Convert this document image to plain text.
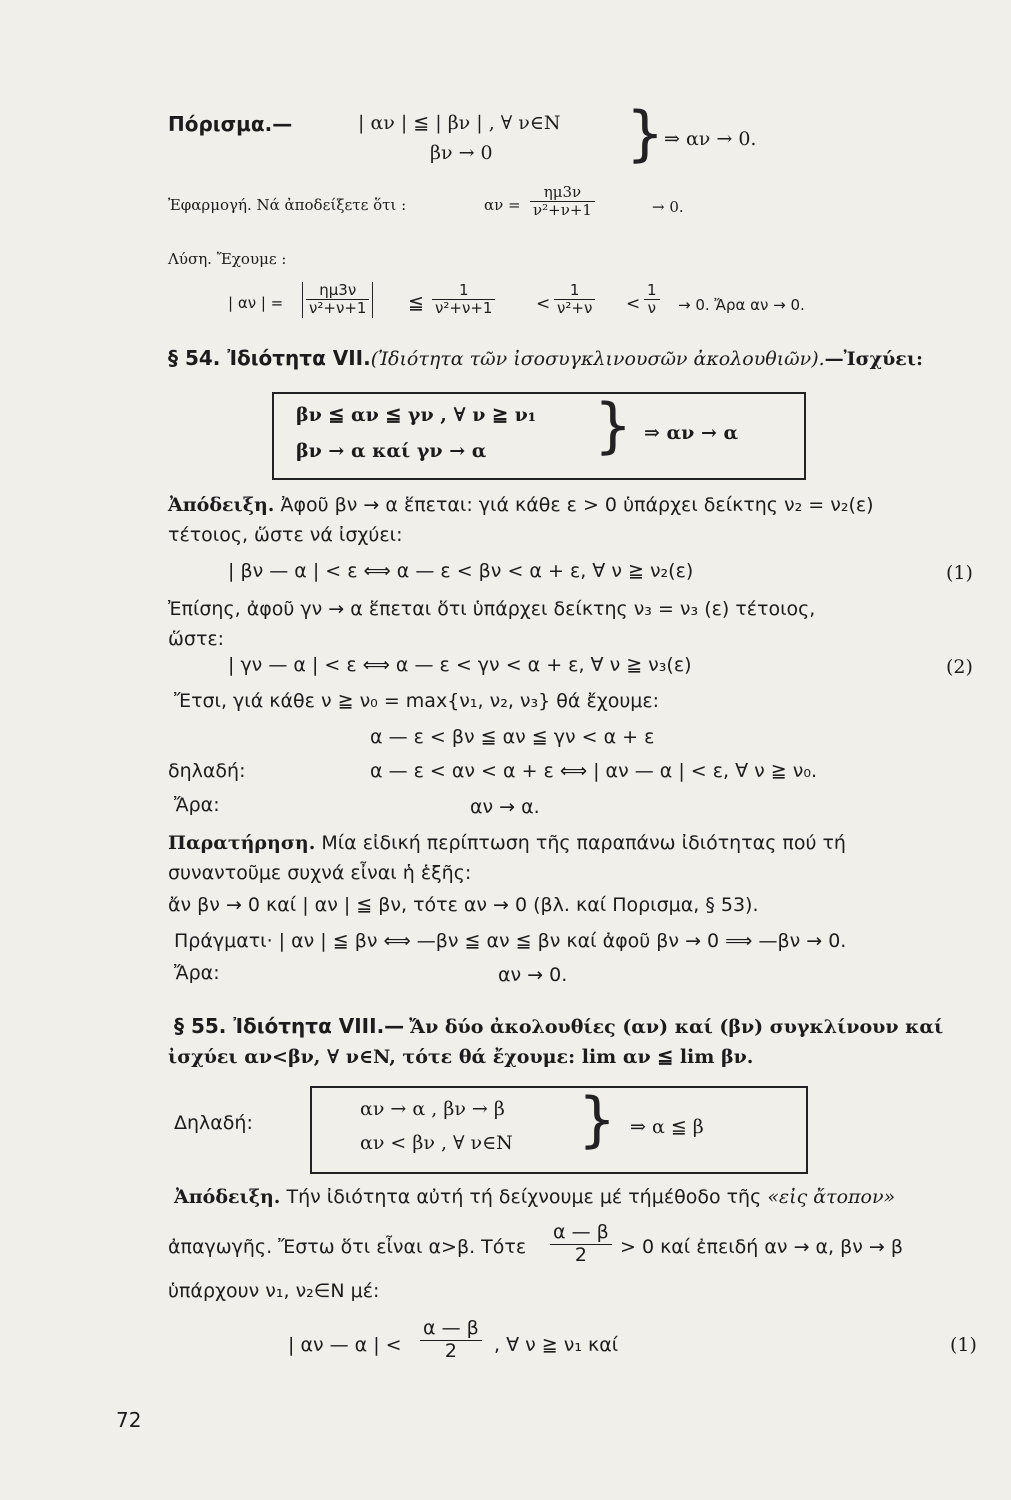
Πόρισμα.—	| αν | ≦ | βν | , ∀ ν∈N
βν → 0 } ⇒ αν → 0.
Ἐφαρμογή. Νά ἀποδείξετε ὅτι :	$\alpha\nu = \frac{\eta\mu 3\nu}{\text{ν²+ν+1}}$	→ 0.
Λύση. Ἔχουμε :
| αν | = $\frac{\eta\mu 3\nu}{\text{ν²+ν+1}}$ ≦ $\frac{1}{\text{ν²+ν+1}} < \frac{1}{\text{ν²+ν}} < \frac{1}{\nu} \to 0$. Ἄρα αν → 0.
§ 54. Ἰδιότητα VII.(Ἰδιότητα τῶν ἰσοσυγκλινουσῶν ἀκολουθιῶν).—Ἰσχύει:
βν ≦ αν ≦ γν , ∀ ν ≧ ν₁
βν → α καί γν → α } ⇒ αν → α
Ἀπόδειξη. Ἀφοῦ βν → α ἕπεται: γιά κάθε ε > 0 ὑπάρχει δείκτης ν₂ = ν₂(ε)
τέτοιος, ὥστε νά ἰσχύει:
| βν — α | < ε ⟺ α — ε < βν < α + ε, ∀ ν ≧ ν₂(ε)	(1)
Ἐπίσης, ἀφοῦ γν → α ἕπεται ὅτι ὑπάρχει δείκτης ν₃ = ν₃ (ε) τέτοιος,
ὥστε:
| γν — α | < ε ⟺ α — ε < γν < α + ε, ∀ ν ≧ ν₃(ε)	(2)
Ἔτσι, γιά κάθε ν ≧ ν₀ = max{ν₁, ν₂, ν₃} θά ἔχουμε:
α — ε < βν ≦ αν ≦ γν < α + ε
δηλαδή:	α — ε < αν < α + ε ⟺ | αν — α | < ε, ∀ ν ≧ ν₀.
Ἄρα:	αν → α.
Παρατήρηση. Μία εἰδική περίπτωση τῆς παραπάνω ἰδιότητας πού τή
συναντοῦμε συχνά εἶναι ἡ ἑξῆς:
ἄν βν → 0 καί | αν | ≦ βν, τότε αν → 0 (βλ. καί Πορισμα, § 53).
Πράγματι· | αν | ≦ βν ⟺ —βν ≦ αν ≦ βν καί ἀφοῦ βν → 0 ⟹ —βν → 0.
Ἄρα:	αν → 0.
§ 55. Ἰδιότητα VIII.— Ἄν δύο ἀκολουθίες (αν) καί (βν) συγκλίνουν καί
ἰσχύει αν<βν, ∀ ν∈N, τότε θά ἔχουμε: lim αν ≦ lim βν.
Δηλαδή:
αν → α , βν → β
αν < βν , ∀ ν∈N } ⇒ α ≦ β
Ἀπόδειξη. Τήν ἰδιότητα αὐτή τή δείχνουμε μέ τήμέθοδο τῆς «εἰς ἄτοπον»
ἀπαγωγῆς. Ἔστω ὅτι εἶναι α>β. Τότε $\frac{\alpha — \beta}{2} > 0$ καί ἐπειδή αν → α, βν → β
ὑπάρχουν ν₁, ν₂∈N μέ:
| αν — α | < $\frac{\alpha — \beta}{2}$ , ∀ ν ≧ ν₁ καί	(1)
72
